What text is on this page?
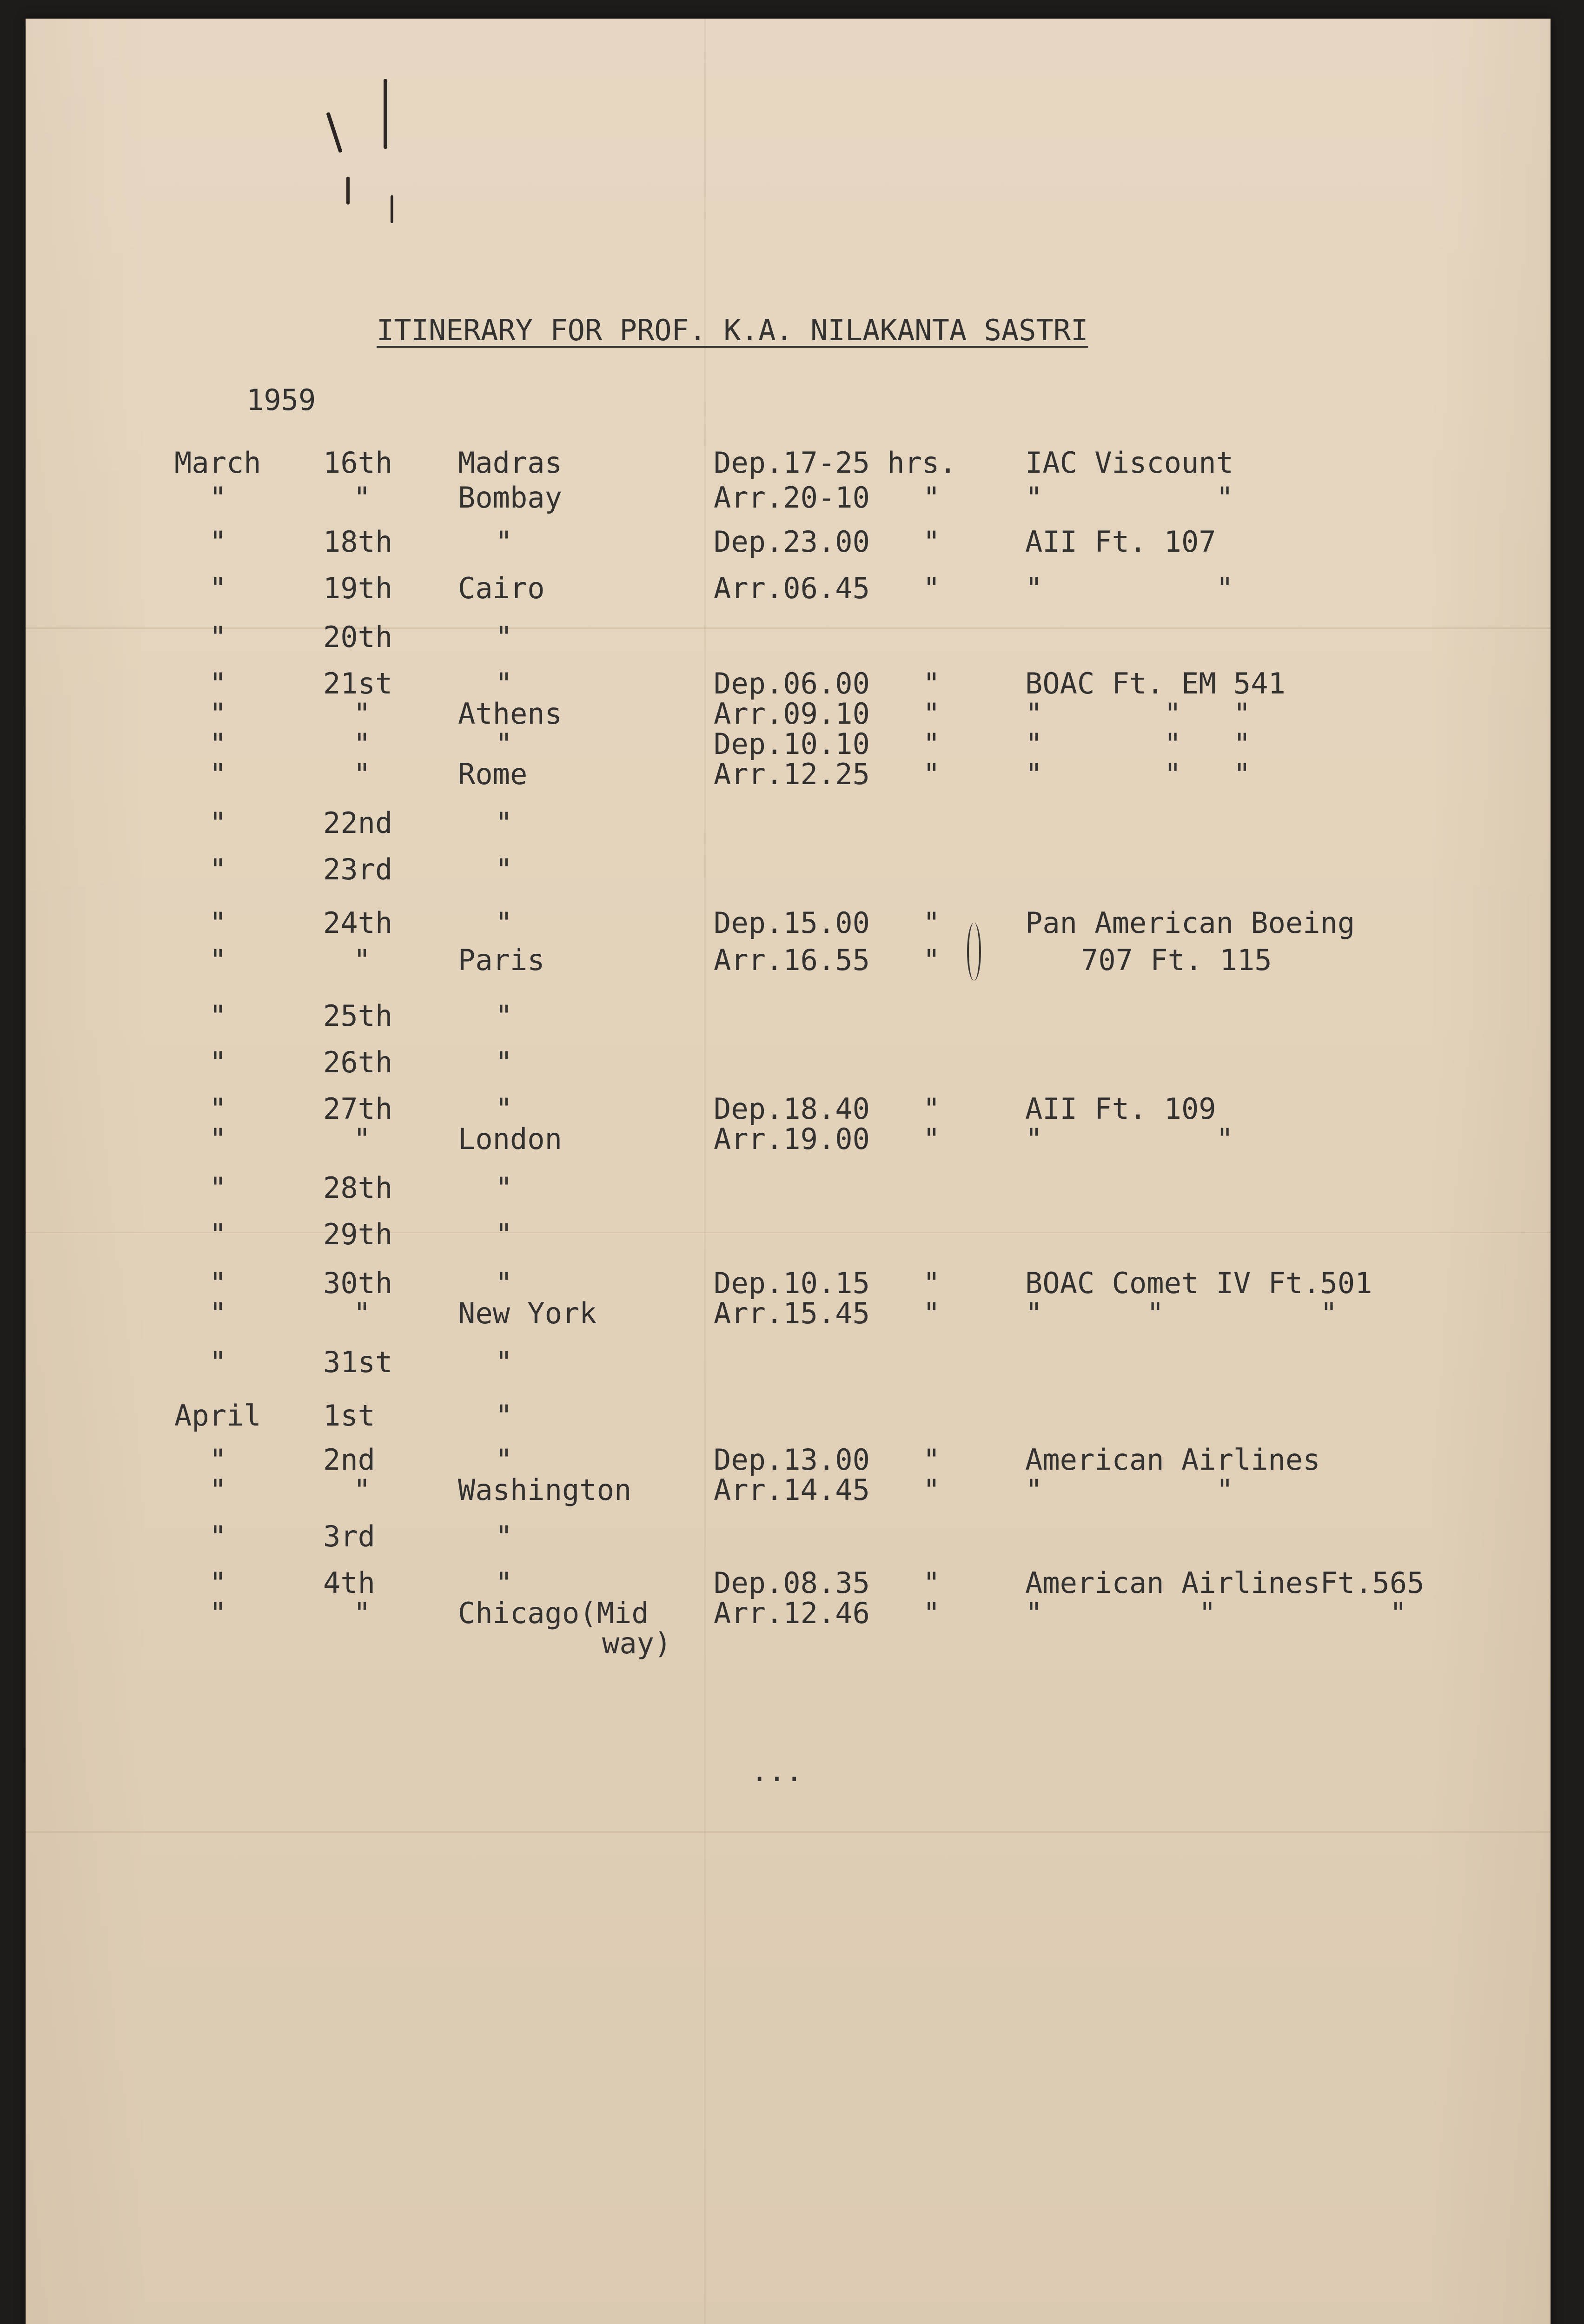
ITINERARY FOR PROF. K.A. NILAKANTA SASTRI

1959

March 16th Madras	Dep.17-25 hrs. IAC Viscount

"	"	Bombay	Arr.20-10 "	"          "

"	18th	"	Dep.23.00 "	AII Ft. 107

"	19th Cairo	Arr.06.45 "	"          "

"	20th	"

"	21st	"	Dep.06.00 "	BOAC Ft. EM 541

"	"	Athens	Arr.09.10 "	"       "   "

"	"	"	Dep.10.10 "	"       "   "

"	"	Rome	Arr.12.25 "	"       "   "

"	22nd	"

"	23rd	"

"	24th	"	Dep.15.00 "	Pan American Boeing

"	"	Paris	Arr.16.55 "	707 Ft. 115

"	25th	"

"	26th	"

"	27th	"	Dep.18.40 "	AII Ft. 109

"	"	London	Arr.19.00 "	"          "

"	28th	"

"	29th	"

"	30th	"	Dep.10.15 "	BOAC Comet IV Ft.501

"	"	New York	Arr.15.45 "	"      "         "

"	31st	"

April 1st	"

"	2nd	"	Dep.13.00 "	American Airlines

"	"	Washington	Arr.14.45 "	"          "

"	3rd	"

"	4th	"	Dep.08.35 "	American AirlinesFt.565

"	"	Chicago(Mid Arr.12.46 "	"         "          "

way)

...
